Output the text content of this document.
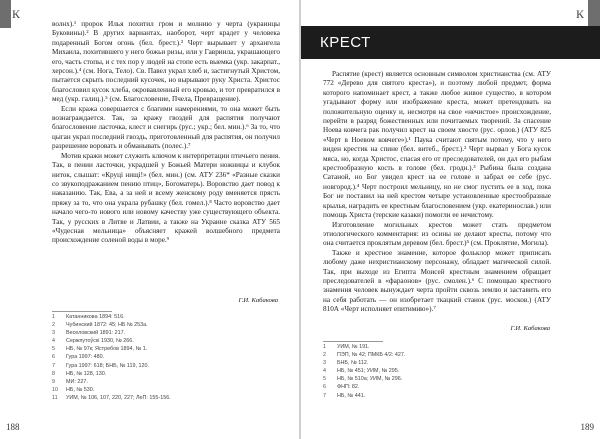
К

волнх).¹ пророк Илья похитил гром и молнию у черта (украинцы Буковины).² В других вариантах, наоборот, черт крадет у человека подаренный Богом огонь (бел. брест.).³ Черт вырывает у архангела Михаила, похитившего у него божьи ризы, или у Гавриила, украшающего его, часть стопы, и с тех пор у людей на стопе есть выемка (укр. закарпат., херсон.).⁴ (см. Нога, Тело). Св. Павел украл хлеб и, застигнутый Христом, пытается скрыть последний кусочек, но вырывают руку Христа. Христос благословил кусок хлеба, окровавленный его кровью, и тот превратился в мед (укр. галиц.).⁵ (см. Благословение, Пчела, Превращение).

Если кража совершается с благими намерениями, то она может быть вознаграждается. Так, за кражу гвоздей для распятия получают благословение ласточка, клест и снегирь (рус.; укр.; бел. мин.).⁶ За то, что цыган украл последний гвоздь, приготовленный для распятия, он получил разрешение воровать и обманывать (полес.).⁷

Мотив кражи может служить ключом к интерпретации птичьего пения. Так, в пении ласточки, украдшей у Божьей Матери ножницы и клубок ниток, слышат: «Круці нищі!» (бел. мин.) (см. АТУ 236* «Разные сказки со звукоподражанием пению птиц», Богоматерь). Воровство дает повод к наказанию. Так, Ева, а за ней и всему женскому роду вменяется прясть пряжу за то, что она украла рубашку (бел. гомел.).⁸ Часто воровство дает начало чего-то нового или новому качеству уже существующего объекта. Так, у русских в Литве и Латвии, а также на Украине сказка АТУ 565 «Чудесная мельница» объясняет кражей волшебного предмета происхождение соленой воды в море.⁹

Г.И. Кабакова
1 Катанникова 1894: 516.
2 Чубинский 1872: 45; НБ № 253а.
3 Веселовский 1891: 217.
4 Сержпутоўскі 1930, № 266.
5 НБ, № 97к; Ястребов 1894, № 1.
6 Гура 1997: 480.
7 Гура 1997: 618; БНБ, № 119, 120.
8 НБ, № 128, 130.
9 МИ: 227.
10 НБ, № 530.
11 УИМ, № 106, 107, 220, 227; ЛеП: 155-156.
188
К
КРЕСТ

Распятие (крест) является основным символом христианства (см. АТУ 772 «Дерево для святого креста»), и поэтому любой предмет, форма которого напоминает крест, а также любое живое существо, в котором угадывают форму или изображение креста, может претендовать на положительную оценку и, несмотря на свое «нечистое» происхождение, перейти в разряд божественных или почитаемых творений. За спасение Ноева ковчега рак получил крест на своем хвосте (рус. орлов.) (АТУ 825 «Черт в Ноевом ковчеге»).¹ Паука считают святым потому, что у него виден крестик на спине (бел. витеб., брест.).² Черт вырвал у Бога кусок мяса, но, когда Христос, спасая его от преследователей, он дал его рыбам крестообразную кость в голове (бел. гродн.).³ Рыбина была создана Сатаной, но Бог увидел крест на ее голове и забрал ее себе (рус. новгород.).⁴ Черт построил мельницу, но не смог пустить ее в ход, пока Бог не поставил на ней крестом четыре установленные крестообразные крылья, наградить ее крестным благословением (укр. екатеринослав.) или помощь Христа (терские казаки) помогли ее нечистому.

Изготовление могильных крестов может стать предметом этиологического комментария: из осины не делают кресты, потому что она считается проклятым деревом (бел. брест.)⁵ (см. Проклятие, Могила).

Также и крестное знамение, которое фольклор может приписать любому даже нехристианскому персонажу, обладает магической силой. Так, при выходе из Египта Моисей крестным знамением обращает преследователей в «фараонов» (рус. смолен.).⁶ С помощью крестного знамения человек вынуждает черта пройти сквозь землю и заставить его на себя работать — он изобретает ткацкий станок (рус. москов.) (АТУ 810А «Черт исполняет епитимию»).⁷

Г.И. Кабакова
1 УИМ, № 191.
2 ПЭП, № 42; ПМКБ 4/2: 427.
3 БНБ, № 112.
4 НБ, № 451; УИМ, № 295.
5 НБ, № 510а; УИМ, № 296.
6 ФНП: 82.
7 НБ, № 441.
189
